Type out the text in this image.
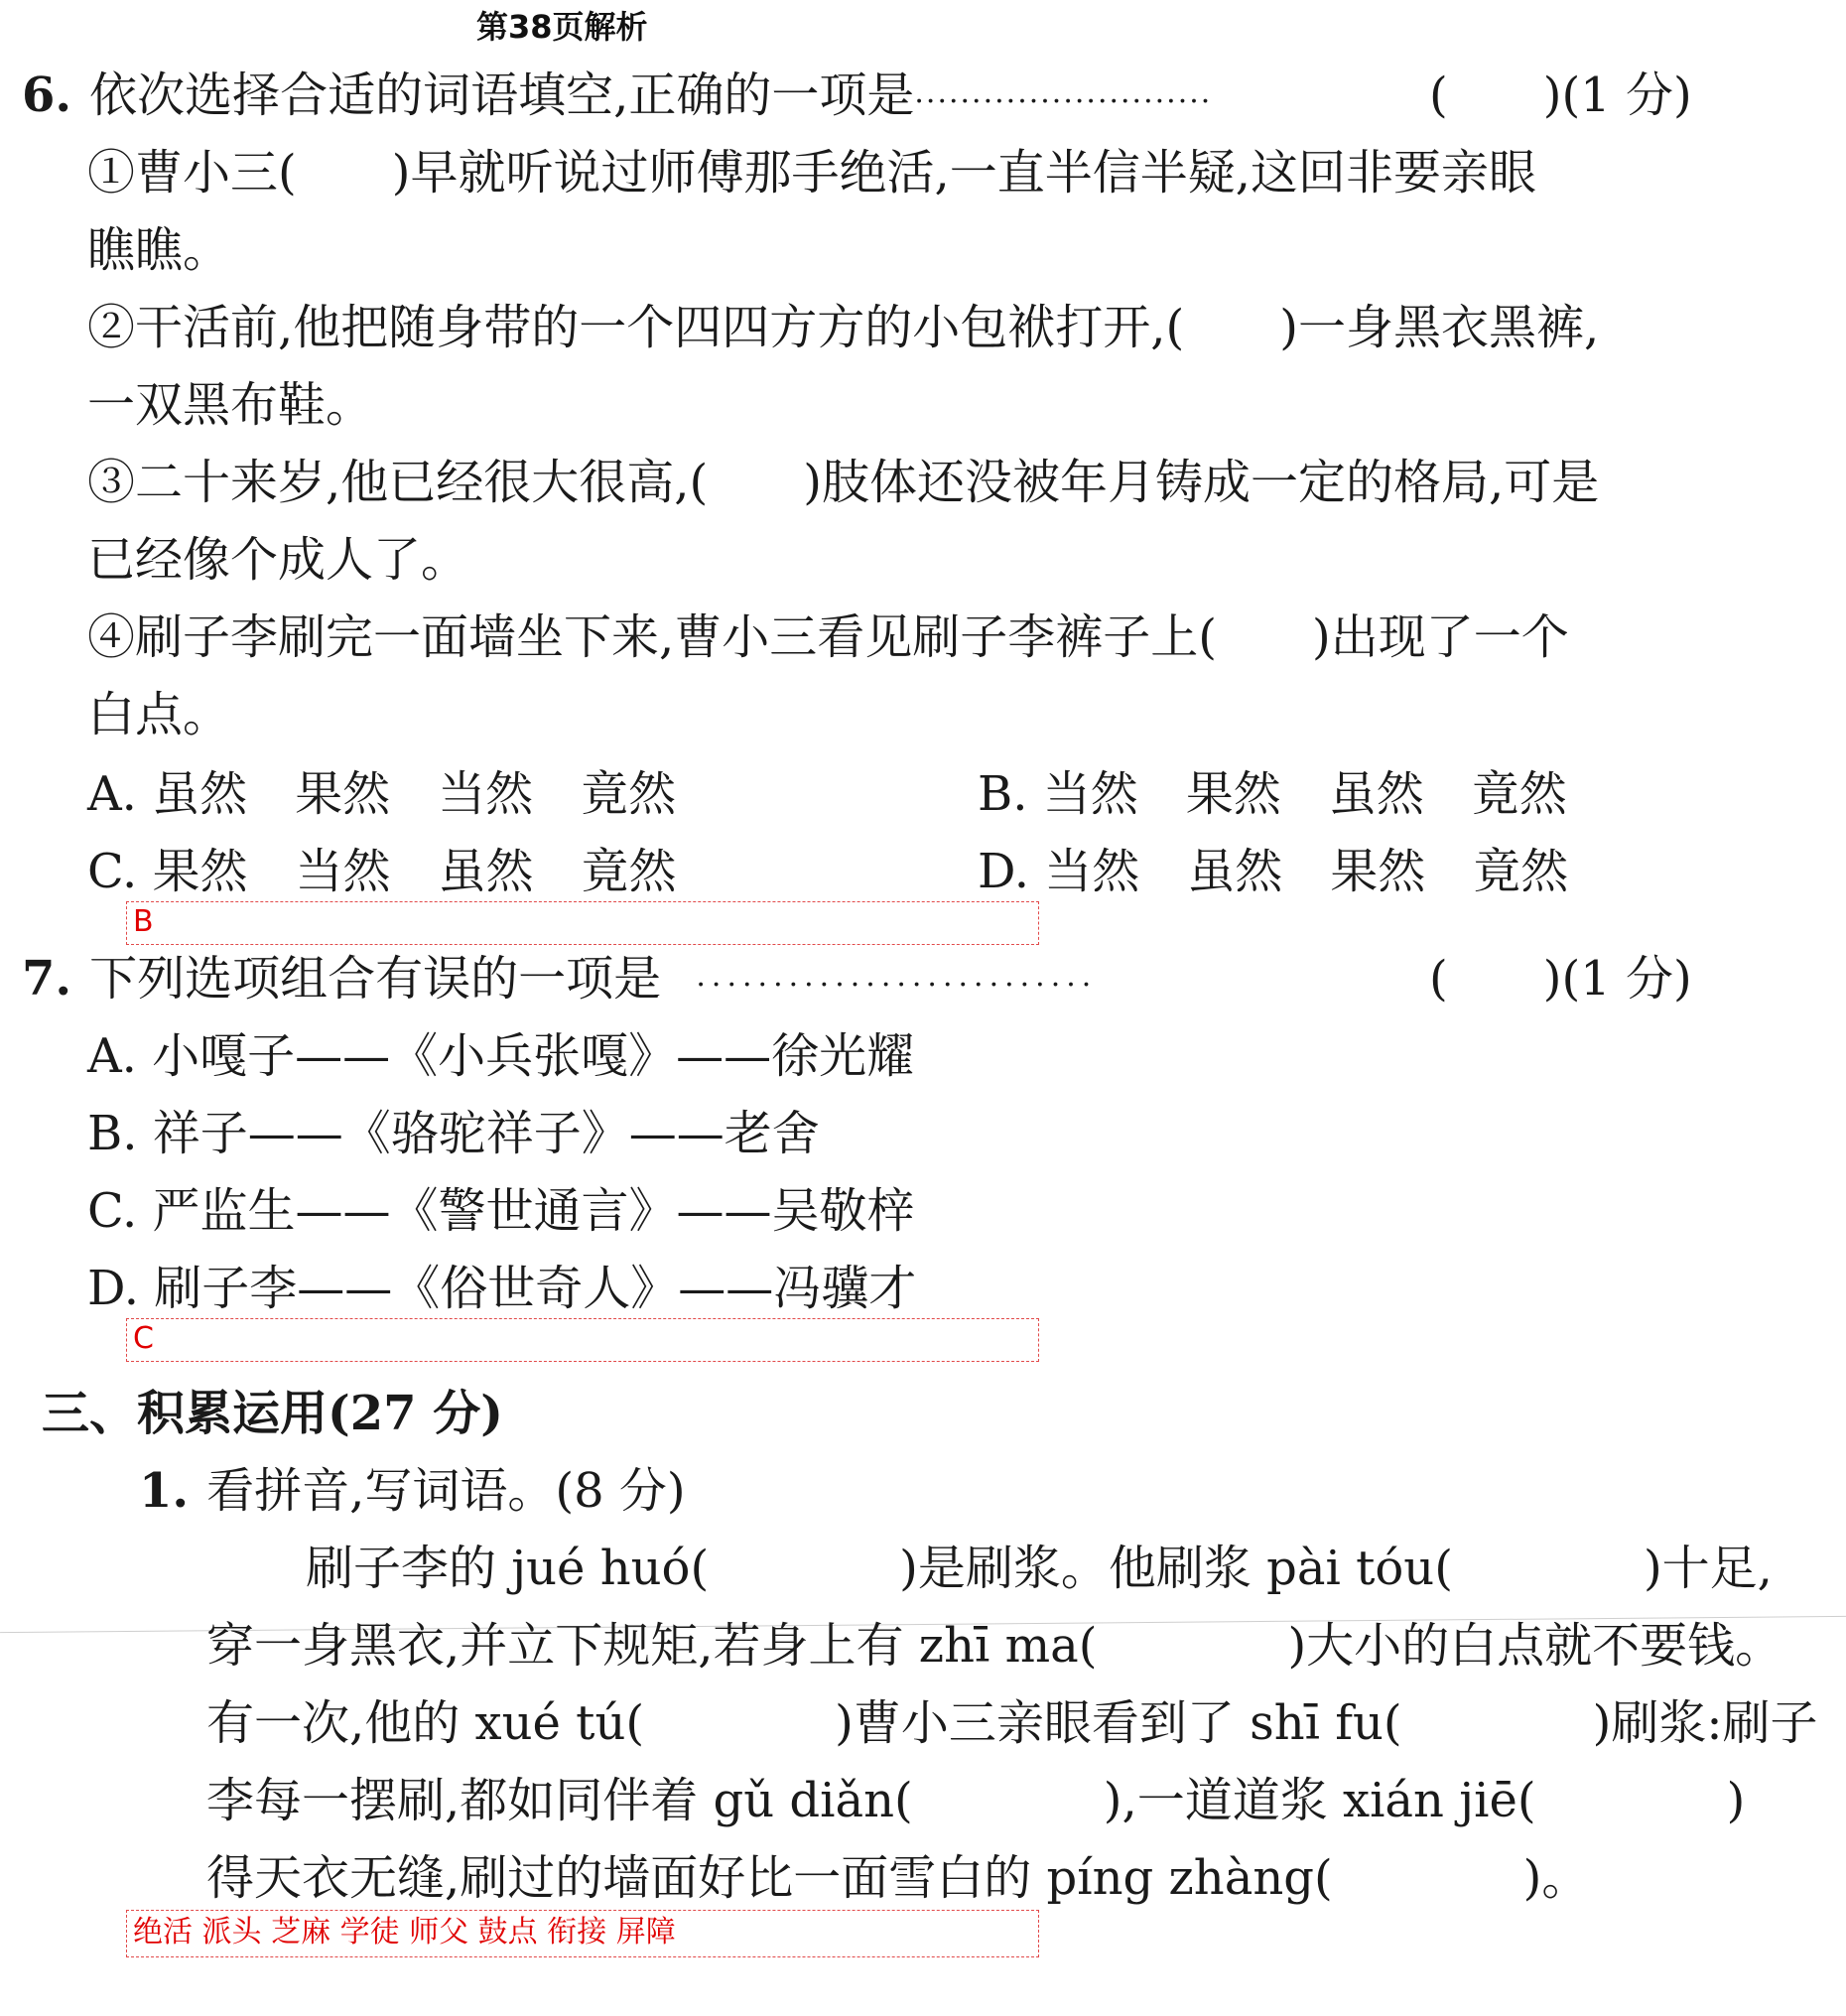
第38页解析
6. 依次选择合适的词语填空,正确的一项是··························	(　　)(1 分)
①曹小三(　　)早就听说过师傅那手绝活,一直半信半疑,这回非要亲眼
瞧瞧。
②干活前,他把随身带的一个四四方方的小包袱打开,(　　)一身黑衣黑裤,
一双黑布鞋。
③二十来岁,他已经很大很高,(　　)肢体还没被年月铸成一定的格局,可是
已经像个成人了。
④刷子李刷完一面墙坐下来,曹小三看见刷子李裤子上(　　)出现了一个
白点。
A. 虽然　果然　当然　竟然	B. 当然　果然　虽然　竟然
C. 果然　当然　虽然　竟然	D. 当然　虽然　果然　竟然
B
7. 下列选项组合有误的一项是 ··························	(　　)(1 分)
A. 小嘎子——《小兵张嘎》——徐光耀
B. 祥子——《骆驼祥子》——老舍
C. 严监生——《警世通言》——吴敬梓
D. 刷子李——《俗世奇人》——冯骥才
C
三、积累运用(27 分)
1. 看拼音,写词语。(8 分)
刷子李的 jué huó(　　　　)是刷浆。他刷浆 pài tóu(　　　　)十足,
穿一身黑衣,并立下规矩,若身上有 zhī ma(　　　　)大小的白点就不要钱。
有一次,他的 xué tú(　　　　)曹小三亲眼看到了 shī fu(　　　　)刷浆:刷子
李每一摆刷,都如同伴着 gǔ diǎn(　　　　),一道道浆 xián jiē(　　　　)
得天衣无缝,刷过的墙面好比一面雪白的 píng zhàng(　　　　)。
绝活 派头 芝麻 学徒 师父 鼓点 衔接 屏障
